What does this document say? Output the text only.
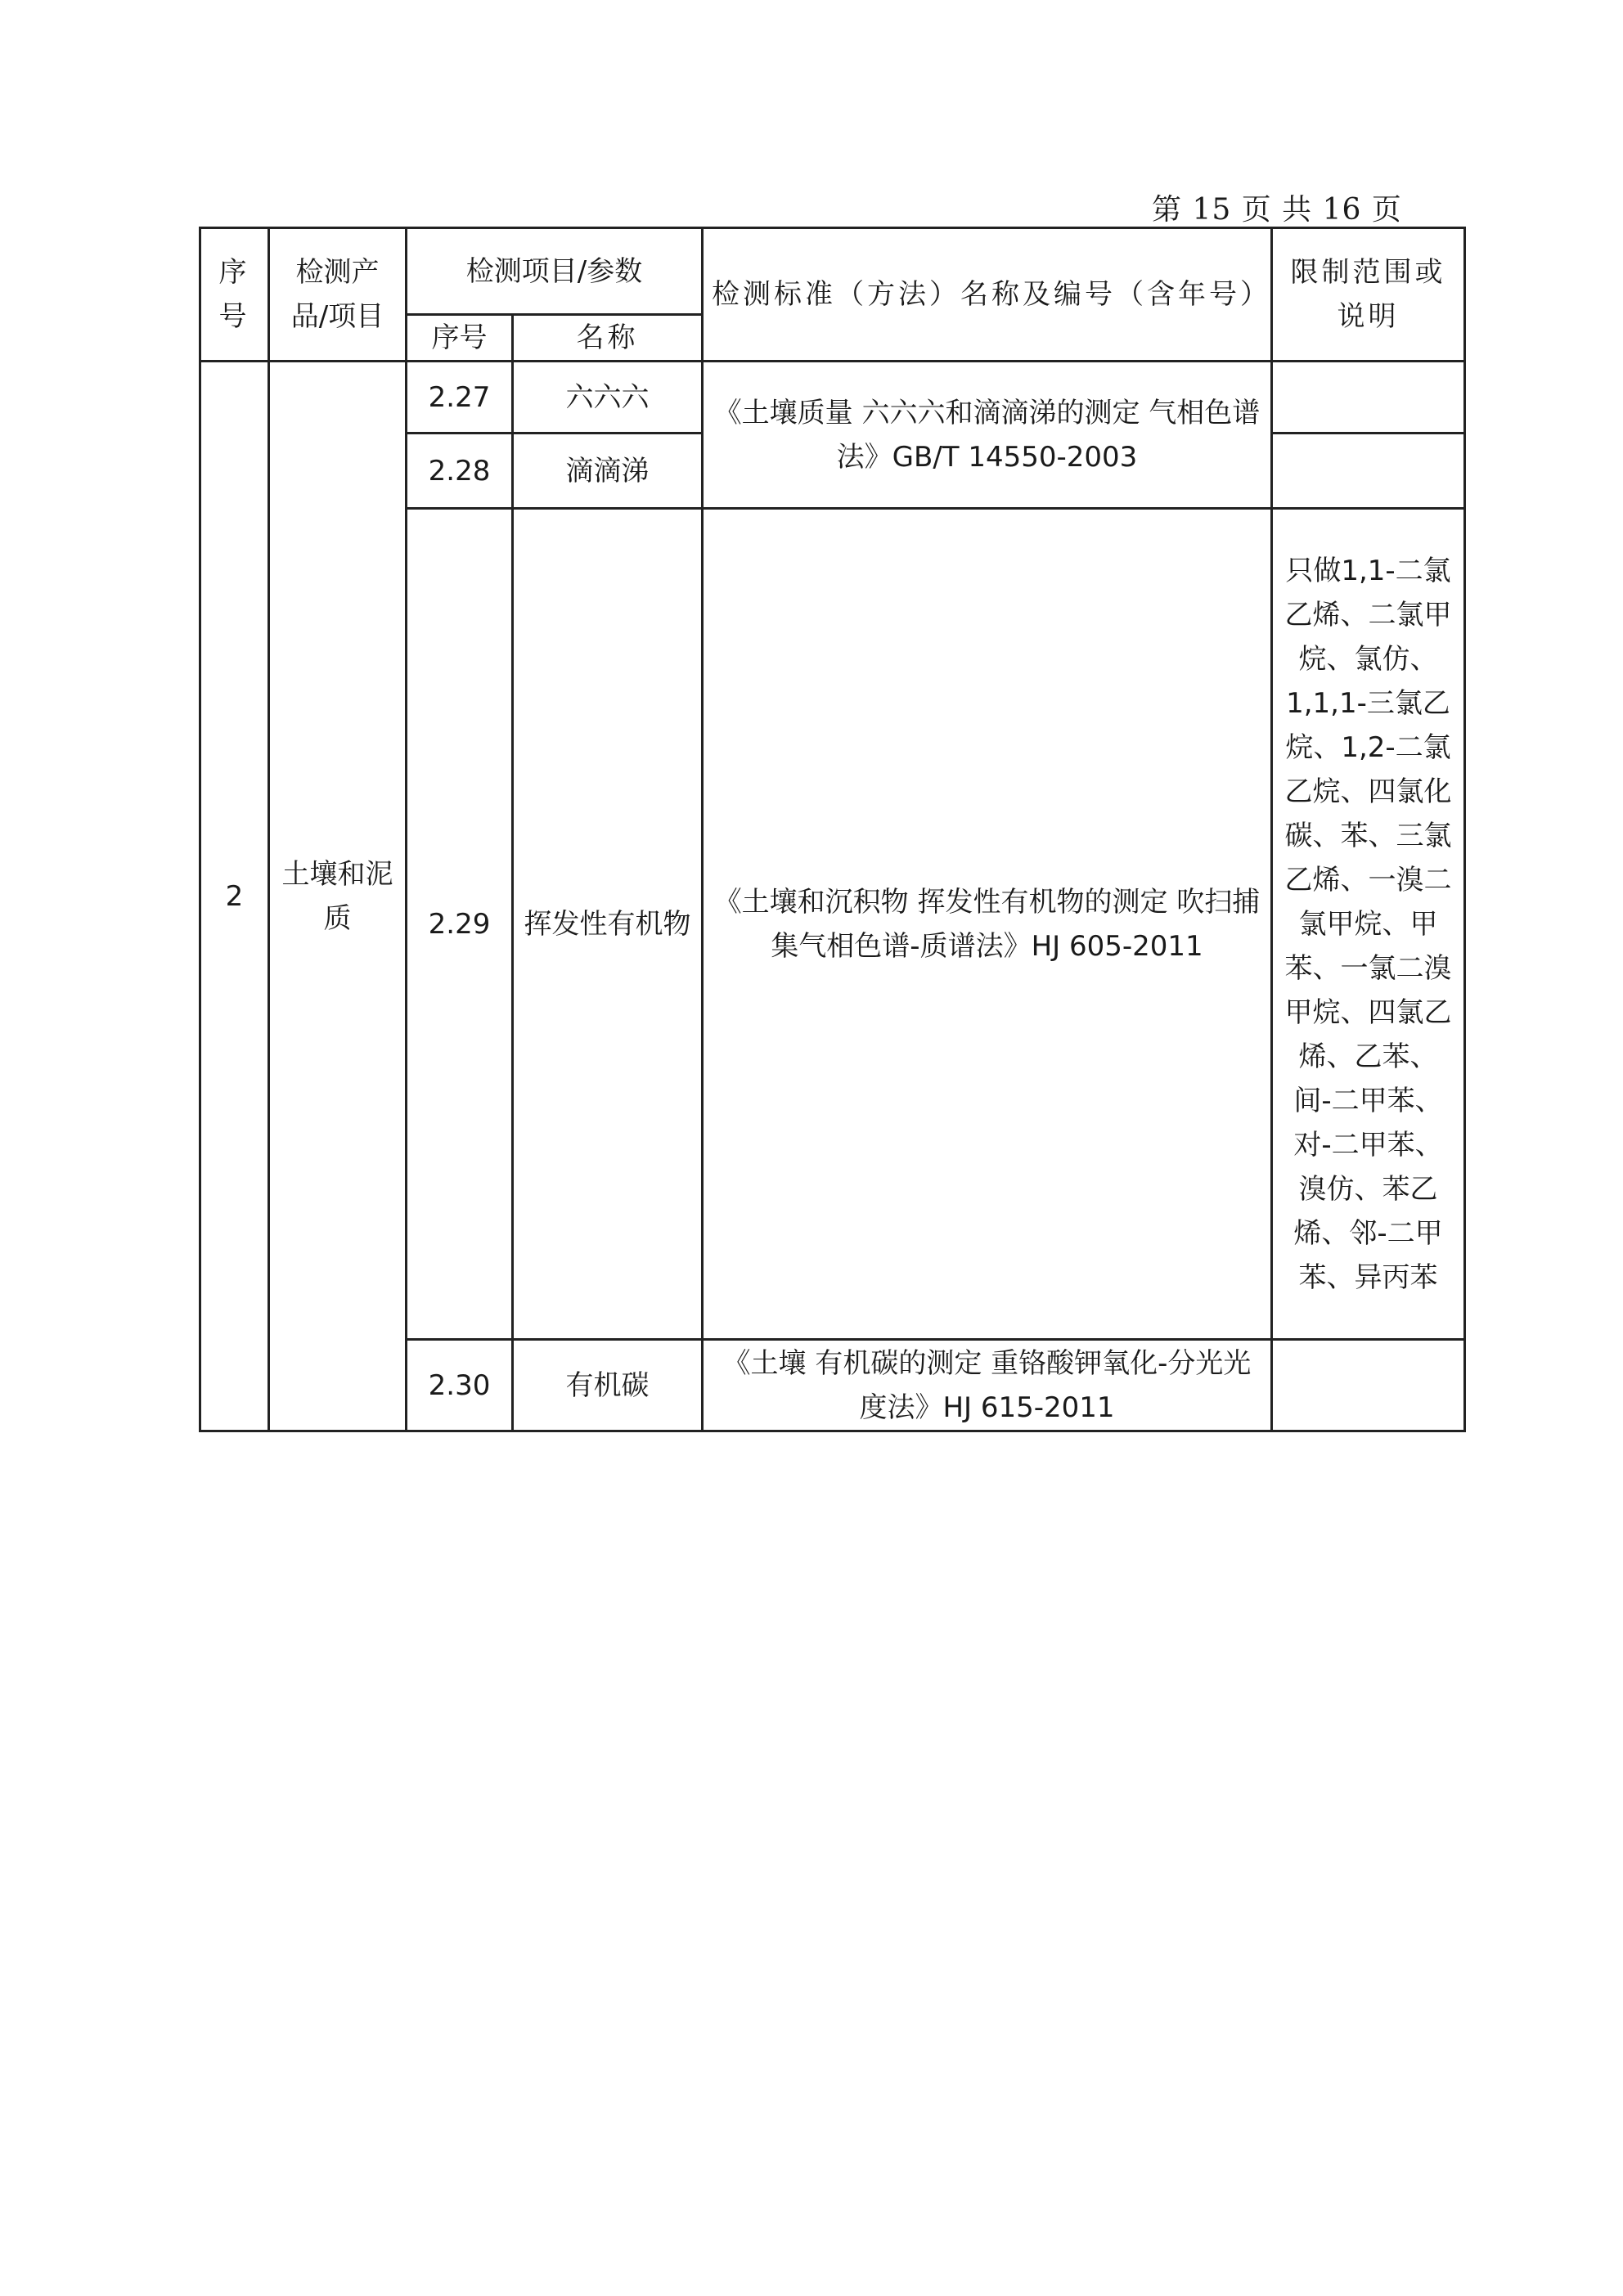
第 15 页 共 16 页
序号	检测产品/项目	检测项目/参数		检测标准（方法）名称及编号（含年号）	限制范围或说明
		序号	名称		
2	土壤和泥质	2.27	六六六	《土壤质量 六六六和滴滴涕的测定 气相色谱法》GB/T 14550-2003	
		2.28	滴滴涕		
		2.29	挥发性有机物	《土壤和沉积物 挥发性有机物的测定 吹扫捕集气相色谱-质谱法》HJ 605-2011	只做1,1-二氯乙烯、二氯甲烷、氯仿、1,1,1-三氯乙烷、1,2-二氯乙烷、四氯化碳、苯、三氯乙烯、一溴二氯甲烷、甲苯、一氯二溴甲烷、四氯乙烯、乙苯、间-二甲苯、对-二甲苯、溴仿、苯乙烯、邻-二甲苯、异丙苯
		2.30	有机碳	《土壤 有机碳的测定 重铬酸钾氧化-分光光度法》HJ 615-2011	
